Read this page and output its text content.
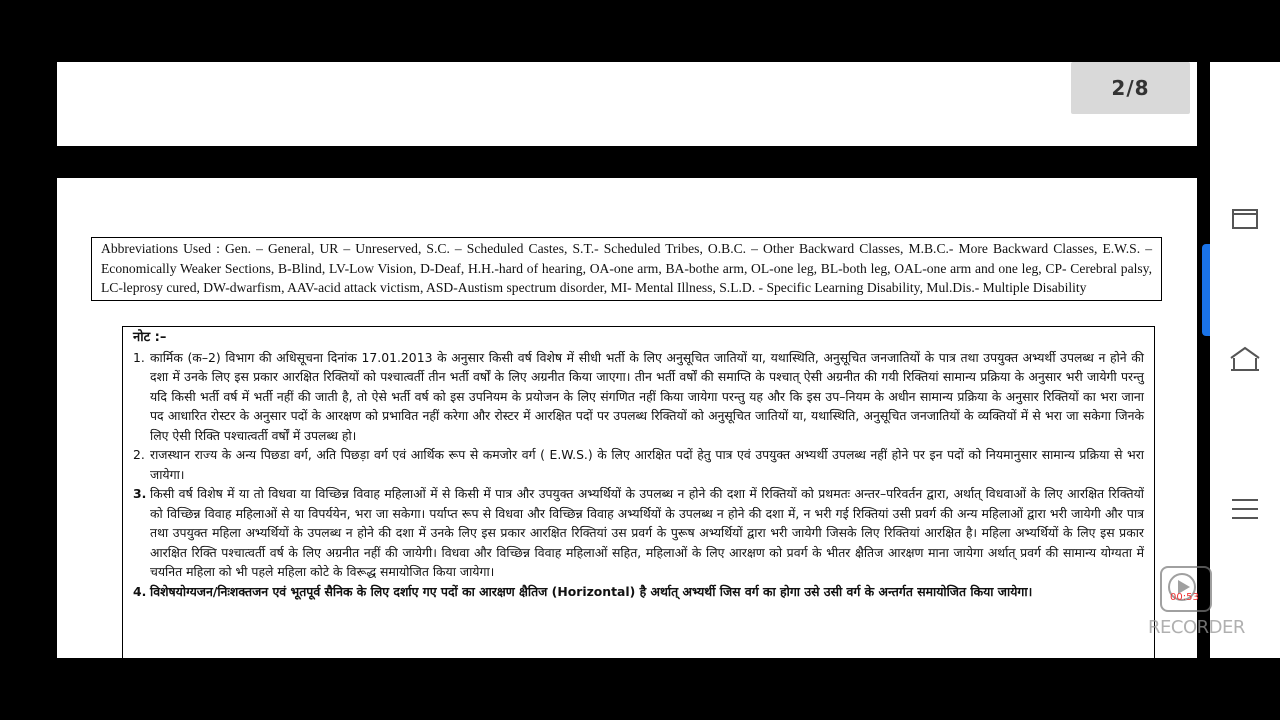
2/8
Abbreviations Used : Gen. – General, UR – Unreserved, S.C. – Scheduled Castes, S.T.- Scheduled Tribes, O.B.C. – Other Backward Classes, M.B.C.- More Backward Classes, E.W.S. – Economically Weaker Sections, B-Blind, LV-Low Vision, D-Deaf, H.H.-hard of hearing, OA-one arm, BA-bothe arm, OL-one leg, BL-both leg, OAL-one arm and one leg, CP- Cerebral palsy, LC-leprosy cured, DW-dwarfism, AAV-acid attack victism, ASD-Austism spectrum disorder, MI- Mental Illness, S.L.D. - Specific Learning Disability, Mul.Dis.- Multiple Disability
नोट :–
1. कार्मिक (क–2) विभाग की अधिसूचना दिनांक 17.01.2013 के अनुसार किसी वर्ष विशेष में सीधी भर्ती के लिए अनुसूचित जातियों या, यथास्थिति, अनुसूचित जनजातियों के पात्र तथा उपयुक्त अभ्यर्थी उपलब्ध न होने की दशा में उनके लिए इस प्रकार आरक्षित रिक्तियों को पश्चात्वर्ती तीन भर्ती वर्षों के लिए अग्रनीत किया जाएगा। तीन भर्ती वर्षों की समाप्ति के पश्चात् ऐसी अग्रनीत की गयी रिक्तियां सामान्य प्रक्रिया के अनुसार भरी जायेगी परन्तु यदि किसी भर्ती वर्ष में भर्ती नहीं की जाती है, तो ऐसे भर्ती वर्ष को इस उपनियम के प्रयोजन के लिए संगणित नहीं किया जायेगा परन्तु यह और कि इस उप–नियम के अधीन सामान्य प्रक्रिया के अनुसार रिक्तियों का भरा जाना पद आधारित रोस्टर के अनुसार पदों के आरक्षण को प्रभावित नहीं करेगा और रोस्टर में आरक्षित पदों पर उपलब्ध रिक्तियों को अनुसूचित जातियों या, यथास्थिति, अनुसूचित जनजातियों के व्यक्तियों में से भरा जा सकेगा जिनके लिए ऐसी रिक्ति पश्चात्वर्ती वर्षों में उपलब्ध हो।
2. राजस्थान राज्य के अन्य पिछडा वर्ग, अति पिछड़ा वर्ग एवं आर्थिक रूप से कमजोर वर्ग ( E.W.S.) के लिए आरक्षित पदों हेतु पात्र एवं उपयुक्त अभ्यर्थी उपलब्ध नहीं होने पर इन पदों को नियमानुसार सामान्य प्रक्रिया से भरा जायेगा।
3. किसी वर्ष विशेष में या तो विधवा या विच्छिन्न विवाह महिलाओं में से किसी में पात्र और उपयुक्त अभ्यर्थियों के उपलब्ध न होने की दशा में रिक्तियों को प्रथमतः अन्तर–परिवर्तन द्वारा, अर्थात् विधवाओं के लिए आरक्षित रिक्तियों को विच्छिन्न विवाह महिलाओं से या विपर्ययेन, भरा जा सकेगा। पर्याप्त रूप से विधवा और विच्छिन्न विवाह अभ्यर्थियों के उपलब्ध न होने की दशा में, न भरी गई रिक्तियां उसी प्रवर्ग की अन्य महिलाओं द्वारा भरी जायेगी और पात्र तथा उपयुक्त महिला अभ्यर्थियों के उपलब्ध न होने की दशा में उनके लिए इस प्रकार आरक्षित रिक्तियां उस प्रवर्ग के पुरूष अभ्यर्थियों द्वारा भरी जायेगी जिसके लिए रिक्तियां आरक्षित है। महिला अभ्यर्थियों के लिए इस प्रकार आरक्षित रिक्ति पश्चात्वर्ती वर्ष के लिए अग्रनीत नहीं की जायेगी। विधवा और विच्छिन्न विवाह महिलाओं सहित, महिलाओं के लिए आरक्षण को प्रवर्ग के भीतर क्षैतिज आरक्षण माना जायेगा अर्थात् प्रवर्ग की सामान्य योग्यता में चयनित महिला को भी पहले महिला कोटे के विरूद्ध समायोजित किया जायेगा।
4. विशेषयोग्यजन/निःशक्तजन एवं भूतपूर्व सैनिक के लिए दर्शाए गए पदों का आरक्षण क्षैतिज (Horizontal) है अर्थात् अभ्यर्थी जिस वर्ग का होगा उसे उसी वर्ग के अन्तर्गत समायोजित किया जायेगा।	00:53
RECORDER
